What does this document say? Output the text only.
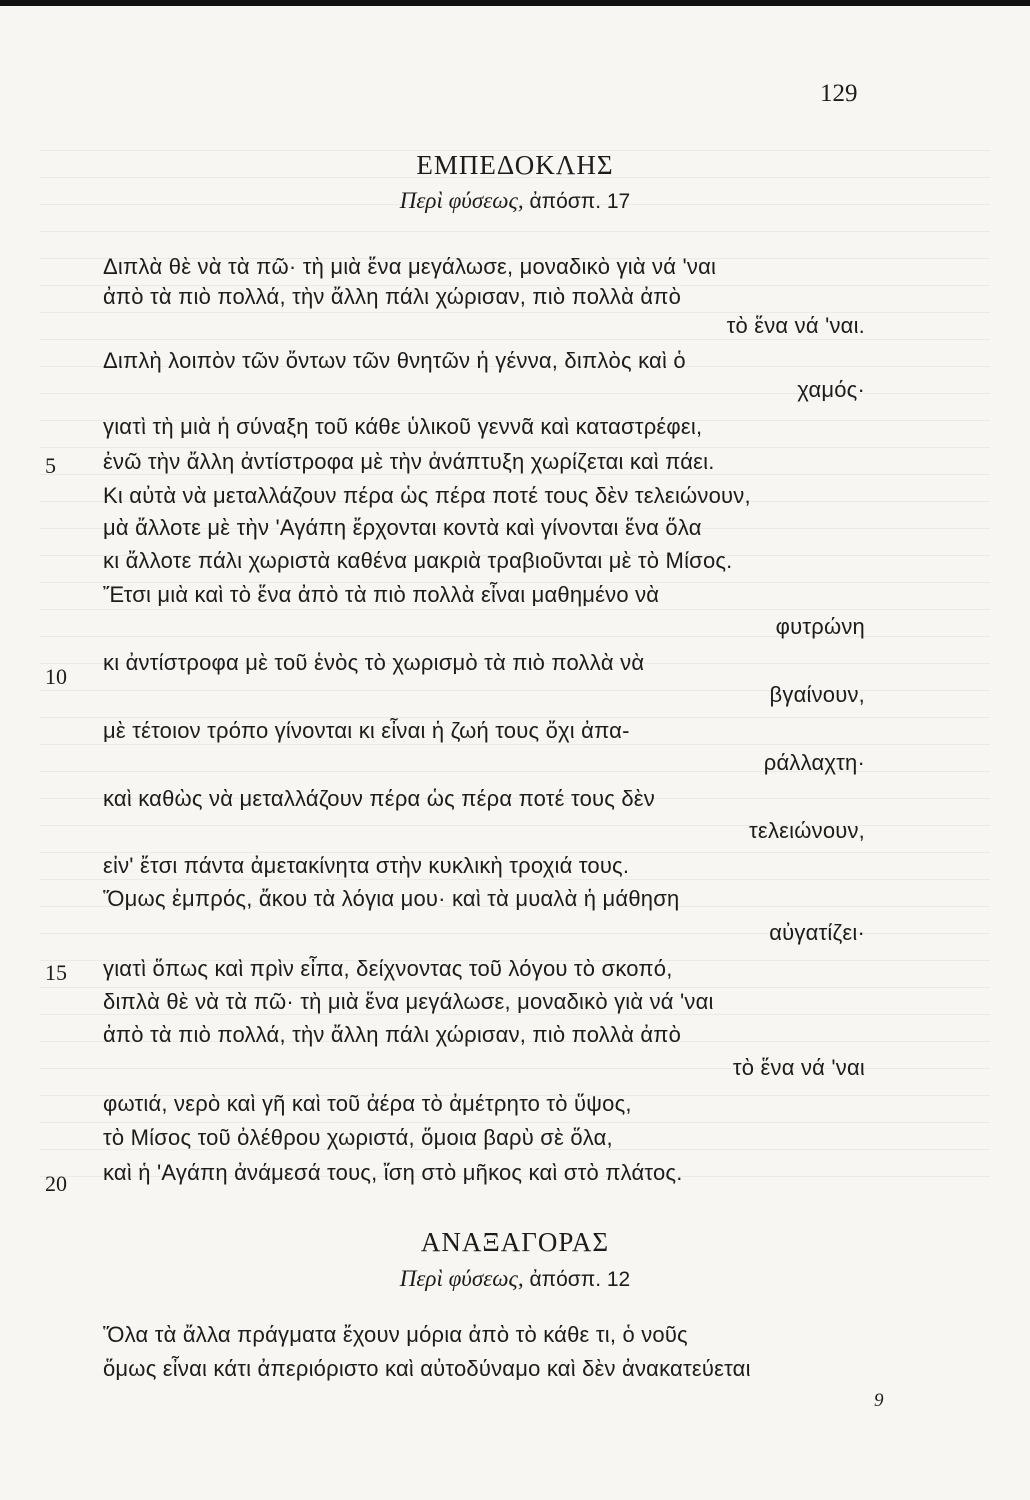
129
ΕΜΠΕΔΟΚΛΗΣ
Περὶ φύσεως, ἀπόσπ. 17
Διπλὰ θὲ νὰ τὰ πῶ· τὴ μιὰ ἕνα μεγάλωσε, μοναδικὸ γιὰ νά 'ναι
ἀπὸ τὰ πιὸ πολλά, τὴν ἄλλη πάλι χώρισαν, πιὸ πολλὰ ἀπὸ
τὸ ἕνα νά 'ναι.
Διπλὴ λοιπὸν τῶν ὄντων τῶν θνητῶν ἡ γέννα, διπλὸς καὶ ὁ
χαμός·
γιατὶ τὴ μιὰ ἡ σύναξη τοῦ κάθε ὑλικοῦ γεννᾶ καὶ καταστρέφει,
5 ἐνῶ τὴν ἄλλη ἀντίστροφα μὲ τὴν ἀνάπτυξη χωρίζεται καὶ πάει.
Κι αὐτὰ νὰ μεταλλάζουν πέρα ὡς πέρα ποτέ τους δὲν τελειώνουν,
μὰ ἄλλοτε μὲ τὴν 'Αγάπη ἔρχονται κοντὰ καὶ γίνονται ἕνα ὅλα
κι ἄλλοτε πάλι χωριστὰ καθένα μακριὰ τραβιοῦνται μὲ τὸ Μίσος.
Ἔτσι μιὰ καὶ τὸ ἕνα ἀπὸ τὰ πιὸ πολλὰ εἶναι μαθημένο νὰ
φυτρώνη
10
κι ἀντίστροφα μὲ τοῦ ἑνὸς τὸ χωρισμὸ τὰ πιὸ πολλὰ νὰ
βγαίνουν,
μὲ τέτοιον τρόπο γίνονται κι εἶναι ἡ ζωή τους ὄχι ἀπα-
ράλλαχτη·
καὶ καθὼς νὰ μεταλλάζουν πέρα ὡς πέρα ποτέ τους δὲν
τελειώνουν,
εἰν' ἔτσι πάντα ἀμετακίνητα στὴν κυκλικὴ τροχιά τους.
Ὅμως ἐμπρός, ἄκου τὰ λόγια μου· καὶ τὰ μυαλὰ ἡ μάθηση
αὐγατίζει·
15 γιατὶ ὅπως καὶ πρὶν εἶπα, δείχνοντας τοῦ λόγου τὸ σκοπό,
διπλὰ θὲ νὰ τὰ πῶ· τὴ μιὰ ἕνα μεγάλωσε, μοναδικὸ γιὰ νά 'ναι
ἀπὸ τὰ πιὸ πολλά, τὴν ἄλλη πάλι χώρισαν, πιὸ πολλὰ ἀπὸ
τὸ ἕνα νά 'ναι
φωτιά, νερὸ καὶ γῆ καὶ τοῦ ἀέρα τὸ ἀμέτρητο τὸ ὕψος,
τὸ Μίσος τοῦ ὀλέθρου χωριστά, ὅμοια βαρὺ σὲ ὅλα,
20 καὶ ἡ 'Αγάπη ἀνάμεσά τους, ἴση στὸ μῆκος καὶ στὸ πλάτος.
ΑΝΑΞΑΓΟΡΑΣ
Περὶ φύσεως, ἀπόσπ. 12
Ὅλα τὰ ἄλλα πράγματα ἔχουν μόρια ἀπὸ τὸ κάθε τι, ὁ νοῦς
ὅμως εἶναι κάτι ἀπεριόριστο καὶ αὐτοδύναμο καὶ δὲν ἀνακατεύεται
9
